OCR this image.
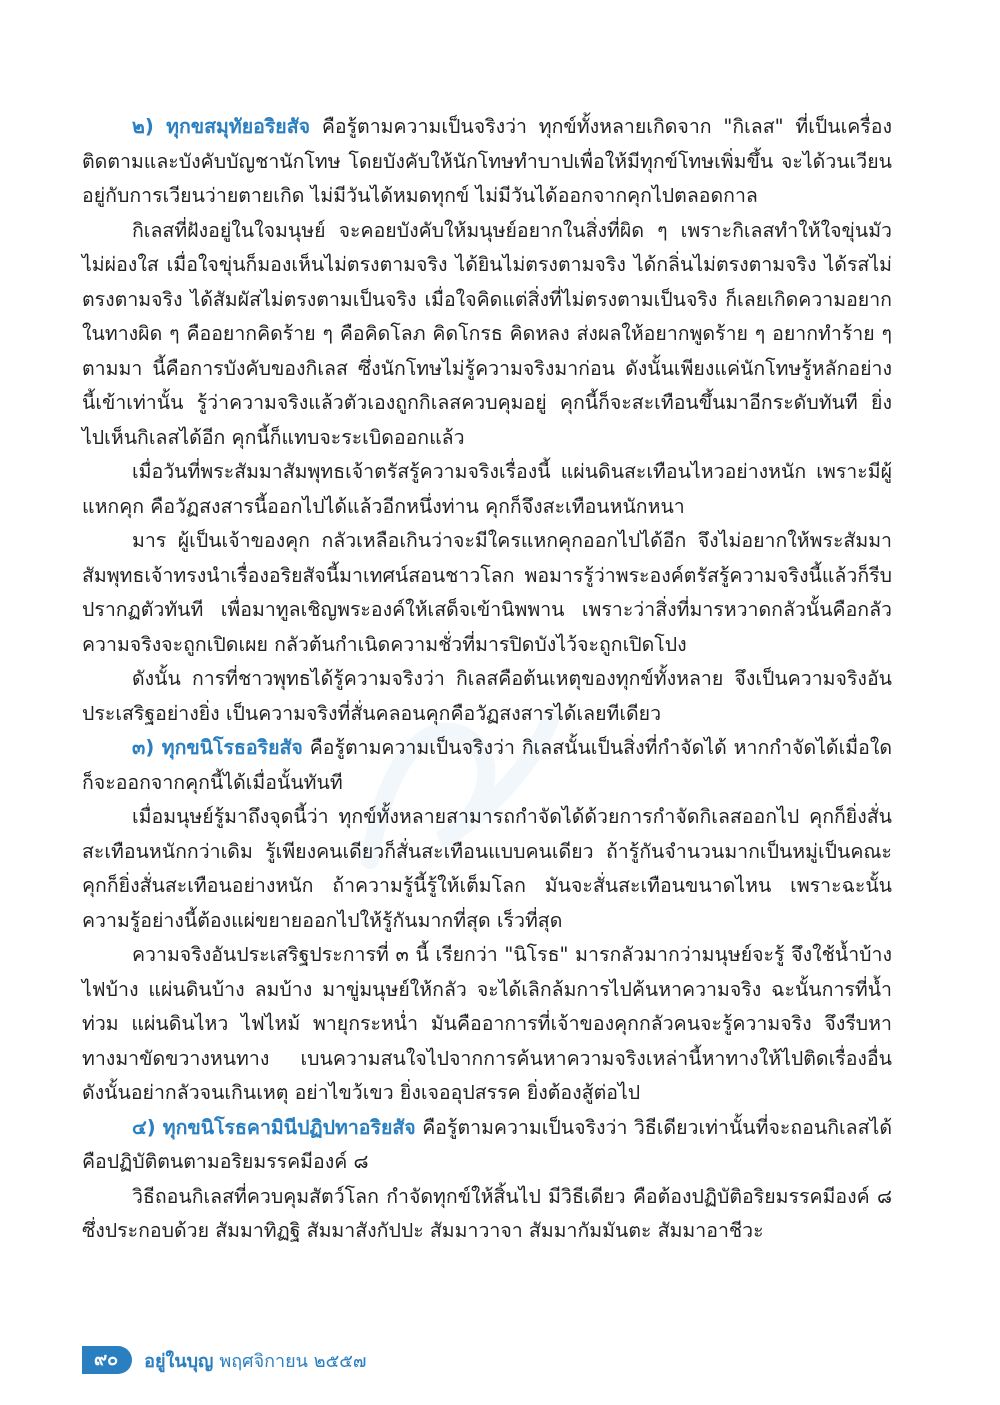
๒) ทุกขสมุทัยอริยสัจ คือรู้ตามความเป็นจริงว่า ทุกข์ทั้งหลายเกิดจาก "กิเลส" ที่เป็นเครื่องติดตามและบังคับบัญชานักโทษ โดยบังคับให้นักโทษทำบาปเพื่อให้มีทุกข์โทษเพิ่มขึ้น จะได้วนเวียนอยู่กับการเวียนว่ายตายเกิด ไม่มีวันได้หมดทุกข์ ไม่มีวันได้ออกจากคุกไปตลอดกาล

กิเลสที่ฝังอยู่ในใจมนุษย์ จะคอยบังคับให้มนุษย์อยากในสิ่งที่ผิด ๆ เพราะกิเลสทำให้ใจขุ่นมัวไม่ผ่องใส เมื่อใจขุ่นก็มองเห็นไม่ตรงตามจริง ได้ยินไม่ตรงตามจริง ได้กลิ่นไม่ตรงตามจริง ได้รสไม่ตรงตามจริง ได้สัมผัสไม่ตรงตามเป็นจริง เมื่อใจคิดแต่สิ่งที่ไม่ตรงตามเป็นจริง ก็เลยเกิดความอยากในทางผิด ๆ คืออยากคิดร้าย ๆ คือคิดโลภ คิดโกรธ คิดหลง ส่งผลให้อยากพูดร้าย ๆ อยากทำร้าย ๆ ตามมา นี้คือการบังคับของกิเลส ซึ่งนักโทษไม่รู้ความจริงมาก่อน ดังนั้นเพียงแค่นักโทษรู้หลักอย่างนี้เข้าเท่านั้น รู้ว่าความจริงแล้วตัวเองถูกกิเลสควบคุมอยู่ คุกนี้ก็จะสะเทือนขึ้นมาอีกระดับทันที ยิ่งไปเห็นกิเลสได้อีก คุกนี้ก็แทบจะระเบิดออกแล้ว

เมื่อวันที่พระสัมมาสัมพุทธเจ้าตรัสรู้ความจริงเรื่องนี้ แผ่นดินสะเทือนไหวอย่างหนัก เพราะมีผู้แหกคุก คือวัฏสงสารนี้ออกไปได้แล้วอีกหนึ่งท่าน คุกก็จึงสะเทือนหนักหนา

มาร ผู้เป็นเจ้าของคุก กลัวเหลือเกินว่าจะมีใครแหกคุกออกไปได้อีก จึงไม่อยากให้พระสัมมาสัมพุทธเจ้าทรงนำเรื่องอริยสัจนี้มาเทศน์สอนชาวโลก พอมารรู้ว่าพระองค์ตรัสรู้ความจริงนี้แล้วก็รีบปรากฏตัวทันที เพื่อมาทูลเชิญพระองค์ให้เสด็จเข้านิพพาน เพราะว่าสิ่งที่มารหวาดกลัวนั้นคือกลัวความจริงจะถูกเปิดเผย กลัวต้นกำเนิดความชั่วที่มารปิดบังไว้จะถูกเปิดโปง

ดังนั้น การที่ชาวพุทธได้รู้ความจริงว่า กิเลสคือต้นเหตุของทุกข์ทั้งหลาย จึงเป็นความจริงอันประเสริฐอย่างยิ่ง เป็นความจริงที่สั่นคลอนคุกคือวัฏสงสารได้เลยทีเดียว

๓) ทุกขนิโรธอริยสัจ คือรู้ตามความเป็นจริงว่า กิเลสนั้นเป็นสิ่งที่กำจัดได้ หากกำจัดได้เมื่อใดก็จะออกจากคุกนี้ได้เมื่อนั้นทันที

เมื่อมนุษย์รู้มาถึงจุดนี้ว่า ทุกข์ทั้งหลายสามารถกำจัดได้ด้วยการกำจัดกิเลสออกไป คุกก็ยิ่งสั่นสะเทือนหนักกว่าเดิม รู้เพียงคนเดียวก็สั่นสะเทือนแบบคนเดียว ถ้ารู้กันจำนวนมากเป็นหมู่เป็นคณะ คุกก็ยิ่งสั่นสะเทือนอย่างหนัก ถ้าความรู้นี้รู้ให้เต็มโลก มันจะสั่นสะเทือนขนาดไหน เพราะฉะนั้น ความรู้อย่างนี้ต้องแผ่ขยายออกไปให้รู้กันมากที่สุด เร็วที่สุด

ความจริงอันประเสริฐประการที่ ๓ นี้ เรียกว่า "นิโรธ" มารกลัวมากว่ามนุษย์จะรู้ จึงใช้น้ำบ้าง ไฟบ้าง แผ่นดินบ้าง ลมบ้าง มาขู่มนุษย์ให้กลัว จะได้เลิกล้มการไปค้นหาความจริง ฉะนั้นการที่น้ำท่วม แผ่นดินไหว ไฟไหม้ พายุกระหน่ำ มันคืออาการที่เจ้าของคุกกลัวคนจะรู้ความจริง จึงรีบหาทางมาขัดขวางหนทาง เบนความสนใจไปจากการค้นหาความจริงเหล่านี้หาทางให้ไปติดเรื่องอื่น ดังนั้นอย่ากลัวจนเกินเหตุ อย่าไขว้เขว ยิ่งเจออุปสรรค ยิ่งต้องสู้ต่อไป

๔) ทุกขนิโรธคามินีปฏิปทาอริยสัจ คือรู้ตามความเป็นจริงว่า วิธีเดียวเท่านั้นที่จะถอนกิเลสได้คือปฏิบัติตนตามอริยมรรคมีองค์ ๘

วิธีถอนกิเลสที่ควบคุมสัตว์โลก กำจัดทุกข์ให้สิ้นไป มีวิธีเดียว คือต้องปฏิบัติอริยมรรคมีองค์ ๘ ซึ่งประกอบด้วย สัมมาทิฏฐิ สัมมาสังกัปปะ สัมมาวาจา สัมมากัมมันตะ สัมมาอาชีวะ

๙๐	อยู่ในบุญ พฤศจิกายน ๒๕๕๗
